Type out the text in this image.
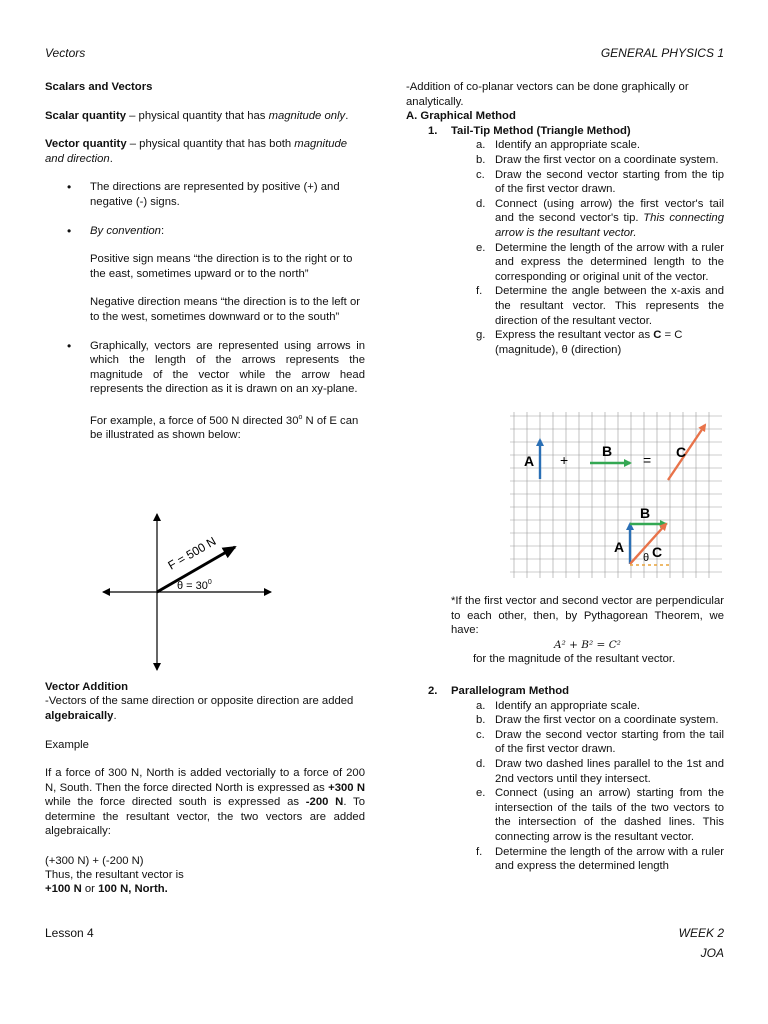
Vectors	GENERAL PHYSICS 1

Scalars and Vectors

Scalar quantity – physical quantity that has magnitude only.

Vector quantity – physical quantity that has both magnitude and direction.

• The directions are represented by positive (+) and negative (-) signs.
• By convention:

Positive sign means “the direction is to the right or to the east, sometimes upward or to the north”

Negative direction means “the direction is to the left or to the west, sometimes downward or to the south”

• Graphically, vectors are represented using arrows in which the length of the arrows represents the magnitude of the vector while the arrow head represents the direction as it is drawn on an xy-plane.

For example, a force of 500 N directed 30$^o$ N of E can be illustrated as shown below:

F = 500 N
$\theta = 30^0$

Vector Addition

-Vectors of the same direction or opposite direction are added algebraically.

Example

If a force of 300 N, North is added vectorially to a force of 200 N, South. Then the force directed North is expressed as +300 N while the force directed south is expressed as -200 N. To determine the resultant vector, the two vectors are added algebraically:

(+300 N) + (-200 N)

Thus, the resultant vector is

+100 N or 100 N, North.

-Addition of co-planar vectors can be done graphically or analytically.

A. Graphical Method

1. Tail-Tip Method (Triangle Method)
a. Identify an appropriate scale.
b. Draw the first vector on a coordinate system.
c. Draw the second vector starting from the tip of the first vector drawn.
d. Connect (using arrow) the first vector's tail and the second vector's tip. This connecting arrow is the resultant vector.
e. Determine the length of the arrow with a ruler and express the determined length to the corresponding or original unit of the vector.
f. Determine the angle between the x-axis and the resultant vector. This represents the direction of the resultant vector.
g. Express the resultant vector as C = C (magnitude), θ (direction)
A +
B
= C
A
B
C
θ

*If the first vector and second vector are perpendicular to each other, then, by Pythagorean Theorem, we have:

A² + B² = C²

for the magnitude of the resultant vector.

2. Parallelogram Method
a. Identify an appropriate scale.
b. Draw the first vector on a coordinate system.
c. Draw the second vector starting from the tail of the first vector drawn.
d. Draw two dashed lines parallel to the 1st and 2nd vectors until they intersect.
e. Connect (using an arrow) starting from the intersection of the tails of the two vectors to the intersection of the dashed lines. This connecting arrow is the resultant vector.
f. Determine the length of the arrow with a ruler and express the determined length
Lesson 4	WEEK 2
JOA
